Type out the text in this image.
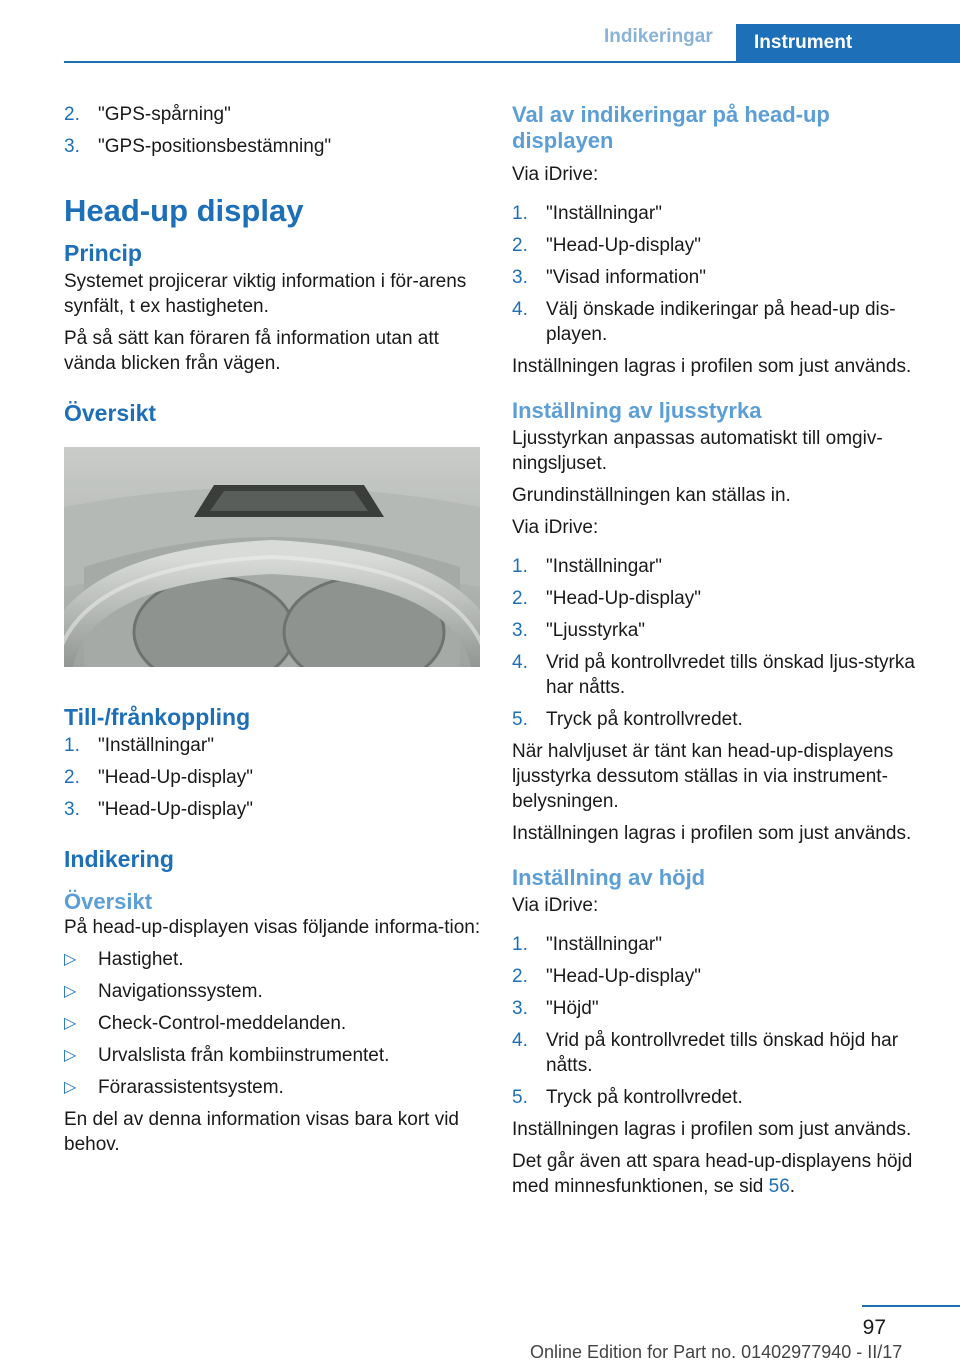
Indikeringar	Instrument
2. "GPS-spårning"
3. "GPS-positionsbestämning"
Head-up display
Princip

Systemet projicerar viktig information i för‐arens synfält, t ex hastigheten.

På så sätt kan föraren få information utan att vända blicken från vägen.

Översikt
Till-/frånkoppling
1. "Inställningar"
2. "Head-Up-display"
3. "Head-Up-display"
Indikering
Översikt

På head-up-displayen visas följande informa‐tion:

▷ Hastighet.
▷ Navigationssystem.
▷ Check-Control-meddelanden.
▷ Urvalslista från kombiinstrumentet.
▷ Förarassistentsystem.

En del av denna information visas bara kort vid behov.

Val av indikeringar på head-up displayen

Via iDrive:

1. "Inställningar"
2. "Head-Up-display"
3. "Visad information"
4. Välj önskade indikeringar på head-up dis‐playen.

Inställningen lagras i profilen som just används.

Inställning av ljusstyrka

Ljusstyrkan anpassas automatiskt till omgiv‐ningsljuset.

Grundinställningen kan ställas in.

Via iDrive:

1. "Inställningar"
2. "Head-Up-display"
3. "Ljusstyrka"
4. Vrid på kontrollvredet tills önskad ljus‐styrka har nåtts.
5. Tryck på kontrollvredet.

När halvljuset är tänt kan head-up-displayens ljusstyrka dessutom ställas in via instrument‐belysningen.

Inställningen lagras i profilen som just används.

Inställning av höjd

Via iDrive:

1. "Inställningar"
2. "Head-Up-display"
3. "Höjd"
4. Vrid på kontrollvredet tills önskad höjd har nåtts.
5. Tryck på kontrollvredet.

Inställningen lagras i profilen som just används.

Det går även att spara head-up-displayens höjd med minnesfunktionen, se sid 56.

97
Online Edition for Part no. 01402977940 - II/17
